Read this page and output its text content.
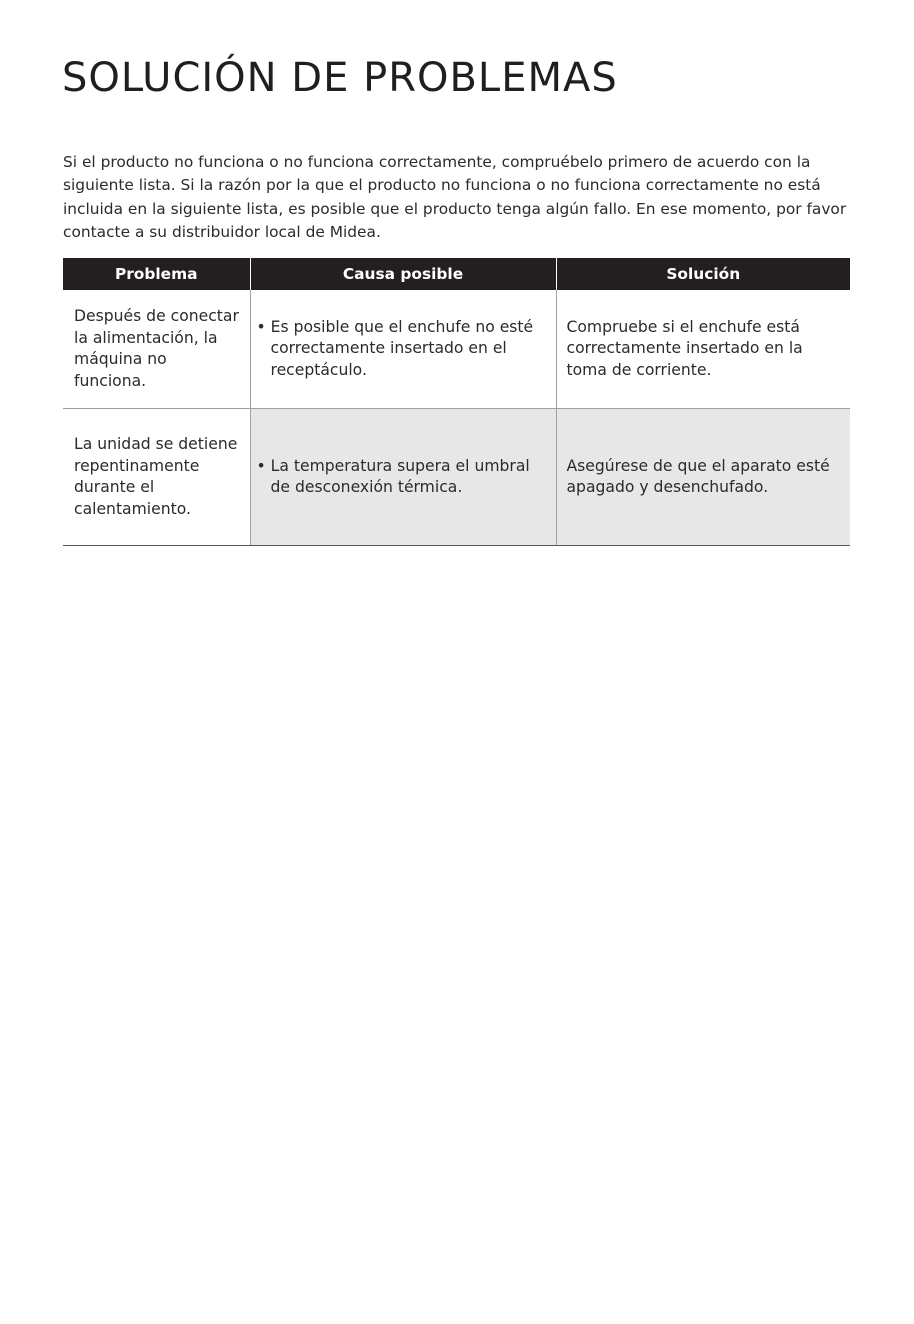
SOLUCIÓN DE PROBLEMAS

Si el producto no funciona o no funciona correctamente, compruébelo primero de acuerdo con la siguiente lista. Si la razón por la que el producto no funciona o no funciona correctamente no está incluida en la siguiente lista, es posible que el producto tenga algún fallo. En ese momento, por favor contacte a su distribuidor local de Midea.

Problema	Causa posible	Solución
Después de conectar la alimentación, la máquina no funciona.	• Es posible que el enchufe no esté correctamente insertado en el receptáculo.	Compruebe si el enchufe está correctamente insertado en la toma de corriente.
La unidad se detiene repentinamente durante el calentamiento.	• La temperatura supera el umbral de desconexión térmica.	Asegúrese de que el aparato esté apagado y desenchufado.
